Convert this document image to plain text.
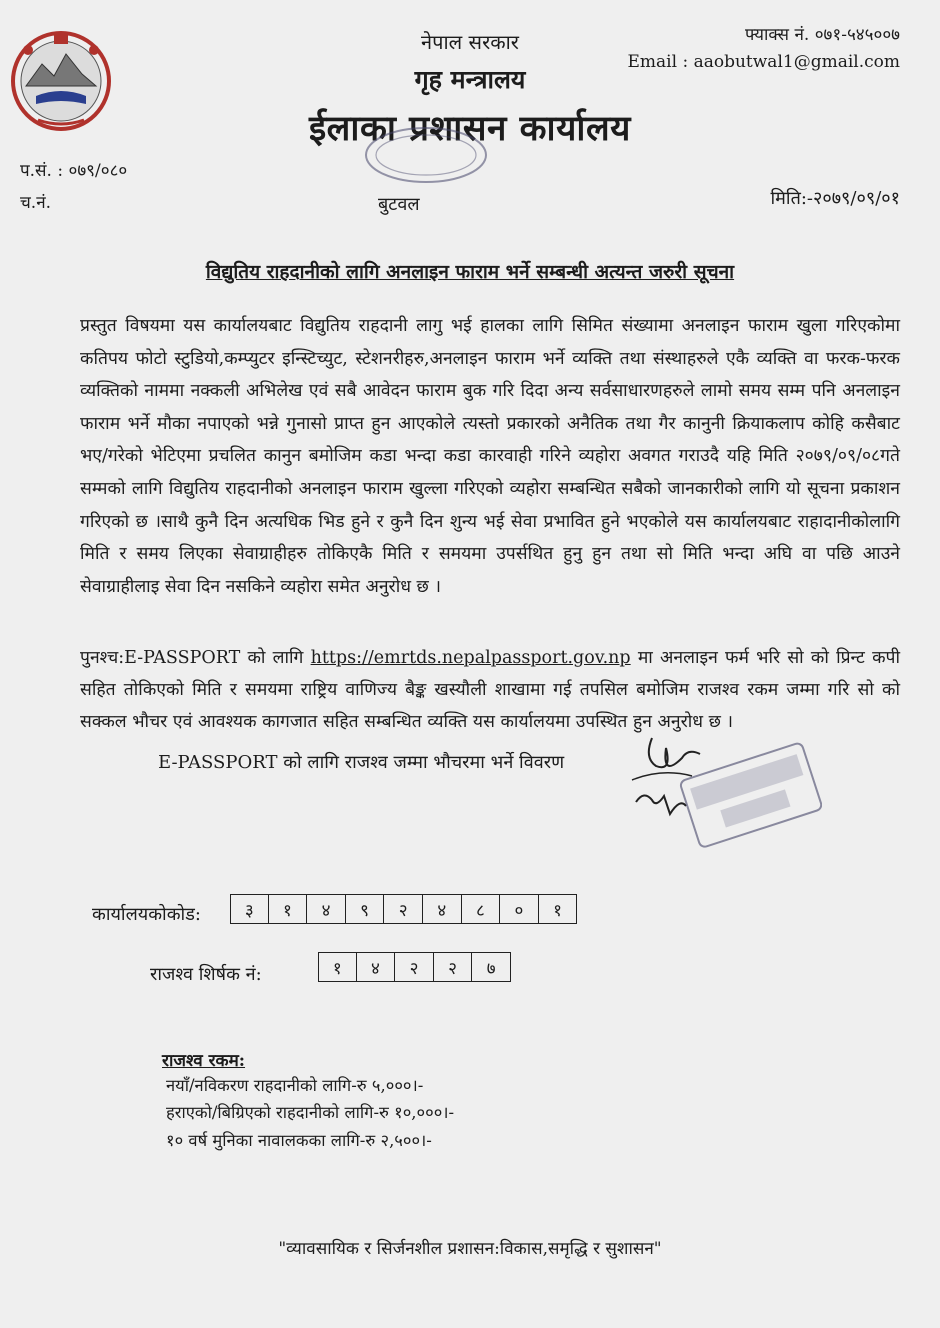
नेपाल सरकार
गृह मन्त्रालय
ईलाका प्रशासन कार्यालय
फ्याक्स नं. ०७१-५४५००७
Email : aaobutwal1@gmail.com
प.सं. : ०७९/०८०
च.नं.	बुटवल	मिति:-२०७९/०९/०१
विद्युतिय राहदानीको लागि अनलाइन फाराम भर्ने सम्बन्धी अत्यन्त जरुरी सूचना
प्रस्तुत विषयमा यस कार्यालयबाट विद्युतिय राहदानी लागु भई हालका लागि सिमित संख्यामा अनलाइन फाराम खुला गरिएकोमा कतिपय फोटो स्टुडियो,कम्प्युटर इन्स्टिच्युट, स्टेशनरीहरु,अनलाइन फाराम भर्ने व्यक्ति तथा संस्थाहरुले एकै व्यक्ति वा फरक-फरक व्यक्तिको नाममा नक्कली अभिलेख एवं सबै आवेदन फाराम बुक गरि दिदा अन्य सर्वसाधारणहरुले लामो समय सम्म पनि अनलाइन फाराम भर्ने मौका नपाएको भन्ने गुनासो प्राप्त हुन आएकोले त्यस्तो प्रकारको अनैतिक तथा गैर कानुनी क्रियाकलाप कोहि कसैबाट भए/गरेको भेटिएमा प्रचलित कानुन बमोजिम कडा भन्दा कडा कारवाही गरिने व्यहोरा अवगत गराउदै यहि मिति २०७९/०९/०८गते सम्मको लागि विद्युतिय राहदानीको अनलाइन फाराम खुल्ला गरिएको व्यहोरा सम्बन्धित सबैको जानकारीको लागि यो सूचना प्रकाशन गरिएको छ ।साथै कुनै दिन अत्यधिक भिड हुने र कुनै दिन शुन्य भई सेवा प्रभावित हुने भएकोले यस कार्यालयबाट राहादानीकोलागि मिति र समय लिएका सेवाग्राहीहरु तोकिएकै मिति र समयमा उपर्सथित हुनु हुन तथा सो मिति भन्दा अघि वा पछि आउने सेवाग्राहीलाइ सेवा दिन नसकिने व्यहोरा समेत अनुरोध छ ।
पुनश्च:E-PASSPORT को लागि https://emrtds.nepalpassport.gov.np मा अनलाइन फर्म भरि सो को प्रिन्ट कपी सहित तोकिएको मिति र समयमा राष्ट्रिय वाणिज्य बैङ्क खस्यौली शाखामा गई तपसिल बमोजिम राजश्व रकम जम्मा गरि सो को सक्कल भौचर एवं आवश्यक कागजात सहित सम्बन्धित व्यक्ति यस कार्यालयमा उपस्थित हुन अनुरोध छ ।
E-PASSPORT को लागि राजश्व जम्मा भौचरमा भर्ने विवरण
कार्यालयकोकोड:	३	१	४	९	२	४	८	०	१
राजश्व शिर्षक नं:	१	४	२	२	७
राजश्व रकम:
नयाँ/नविकरण राहदानीको लागि-रु ५,०००।-
हराएको/बिग्रिएको राहदानीको लागि-रु १०,०००।-
१० वर्ष मुनिका नावालकका लागि-रु २,५००।-
"व्यावसायिक र सिर्जनशील प्रशासन:विकास,समृद्धि र सुशासन"
